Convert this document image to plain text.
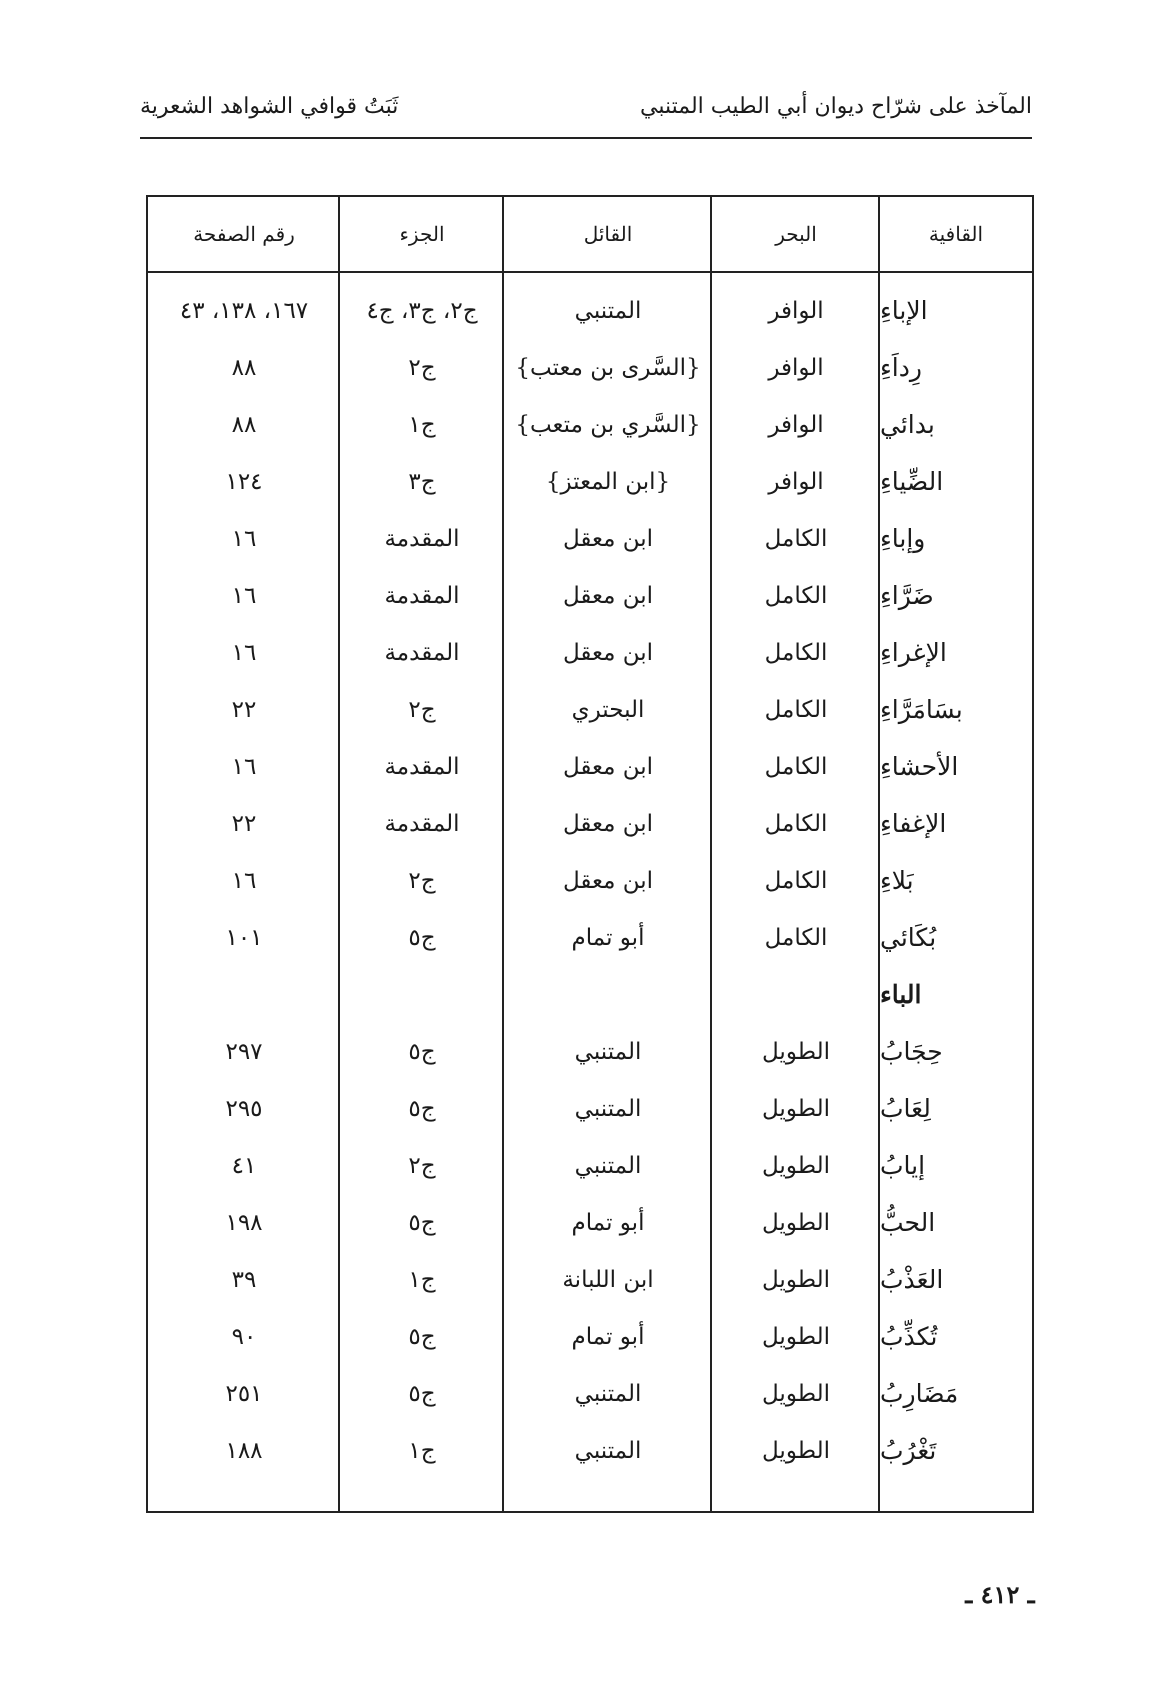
المآخذ على شرّاح ديوان أبي الطيب المتنبي
ثَبَتُ قوافي الشواهد الشعرية
القافية
البحر
القائل
الجزء
رقم الصفحة
الإباءِ
الوافر
المتنبي
ج٢، ج٣، ج٤
١٦٧، ١٣٨، ٤٣
رِداَءِ
الوافر
{السَّرى بن معتب}
ج٢
٨٨
بدائي
الوافر
{السَّري بن متعب}
ج١
٨٨
الضِّياءِ
الوافر
{ابن المعتز}
ج٣
١٢٤
وإباءِ
الكامل
ابن معقل
المقدمة
١٦
ضَرَّاءِ
الكامل
ابن معقل
المقدمة
١٦
الإغراءِ
الكامل
ابن معقل
المقدمة
١٦
بسَامَرَّاءِ
الكامل
البحتري
ج٢
٢٢
الأحشاءِ
الكامل
ابن معقل
المقدمة
١٦
الإغفاءِ
الكامل
ابن معقل
المقدمة
٢٢
بَلاءِ
الكامل
ابن معقل
ج٢
١٦
بُكَائي
الكامل
أبو تمام
ج٥
١٠١
الباء
حِجَابُ
الطويل
المتنبي
ج٥
٢٩٧
لِعَابُ
الطويل
المتنبي
ج٥
٢٩٥
إيابُ
الطويل
المتنبي
ج٢
٤١
الحبُّ
الطويل
أبو تمام
ج٥
١٩٨
العَذْبُ
الطويل
ابن اللبانة
ج١
٣٩
تُكذِّبُ
الطويل
أبو تمام
ج٥
٩٠
مَضَارِبُ
الطويل
المتنبي
ج٥
٢٥١
تَغْرُبُ
الطويل
المتنبي
ج١
١٨٨
ـ ٤١٢ ـ
